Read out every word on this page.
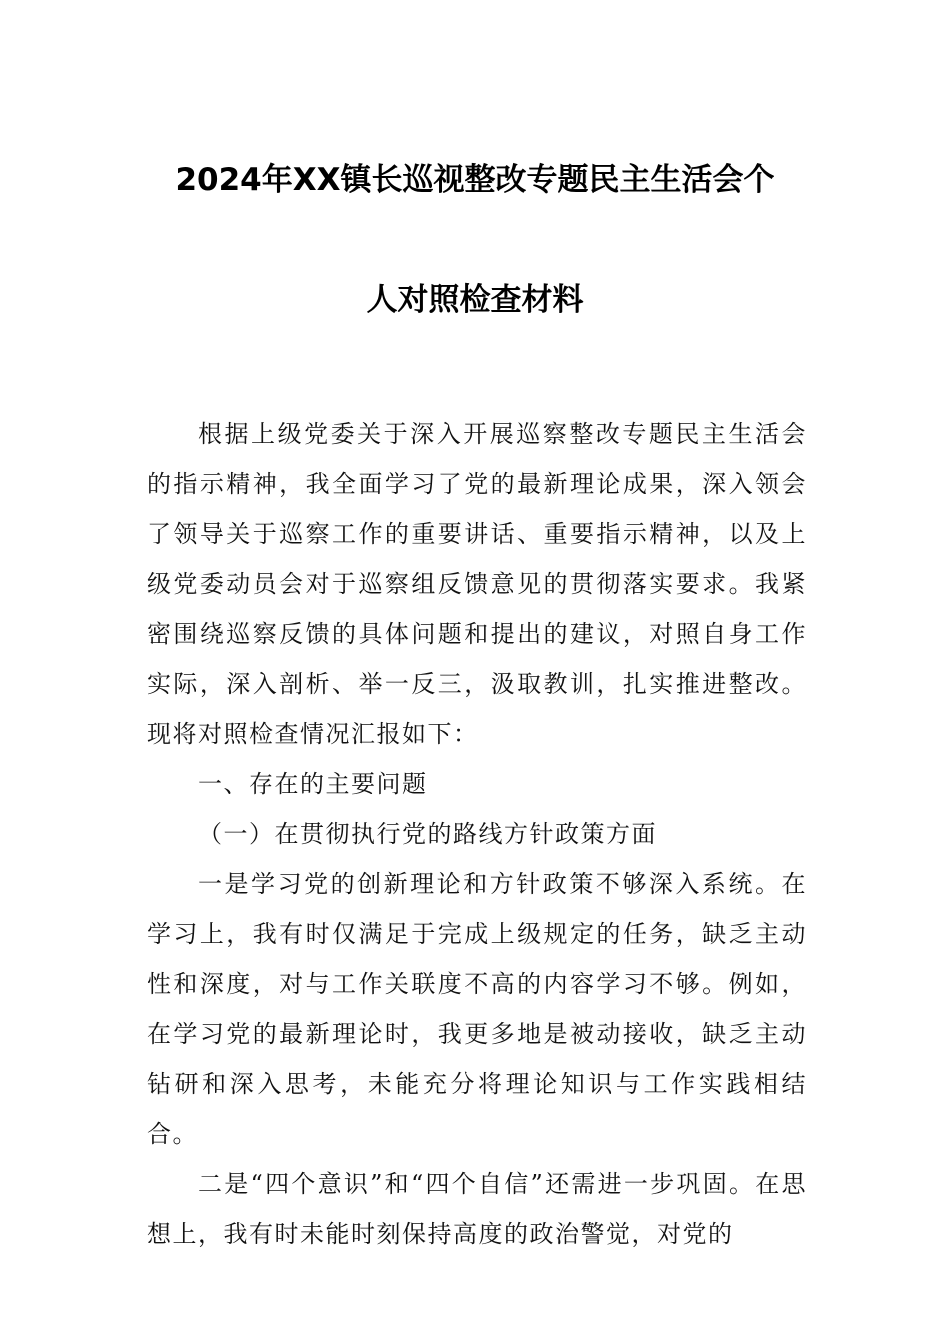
2024年XX镇长巡视整改专题民主生活会个
人对照检查材料

根据上级党委关于深入开展巡察整改专题民主生活会的指示精神，我全面学习了党的最新理论成果，深入领会了领导关于巡察工作的重要讲话、重要指示精神，以及上级党委动员会对于巡察组反馈意见的贯彻落实要求。我紧密围绕巡察反馈的具体问题和提出的建议，对照自身工作实际，深入剖析、举一反三，汲取教训，扎实推进整改。现将对照检查情况汇报如下：

一、存在的主要问题

（一）在贯彻执行党的路线方针政策方面

一是学习党的创新理论和方针政策不够深入系统。在学习上，我有时仅满足于完成上级规定的任务，缺乏主动性和深度，对与工作关联度不高的内容学习不够。例如，在学习党的最新理论时，我更多地是被动接收，缺乏主动钻研和深入思考，未能充分将理论知识与工作实践相结合。

二是“四个意识”和“四个自信”还需进一步巩固。在思想上，我有时未能时刻保持高度的政治警觉，对党的
